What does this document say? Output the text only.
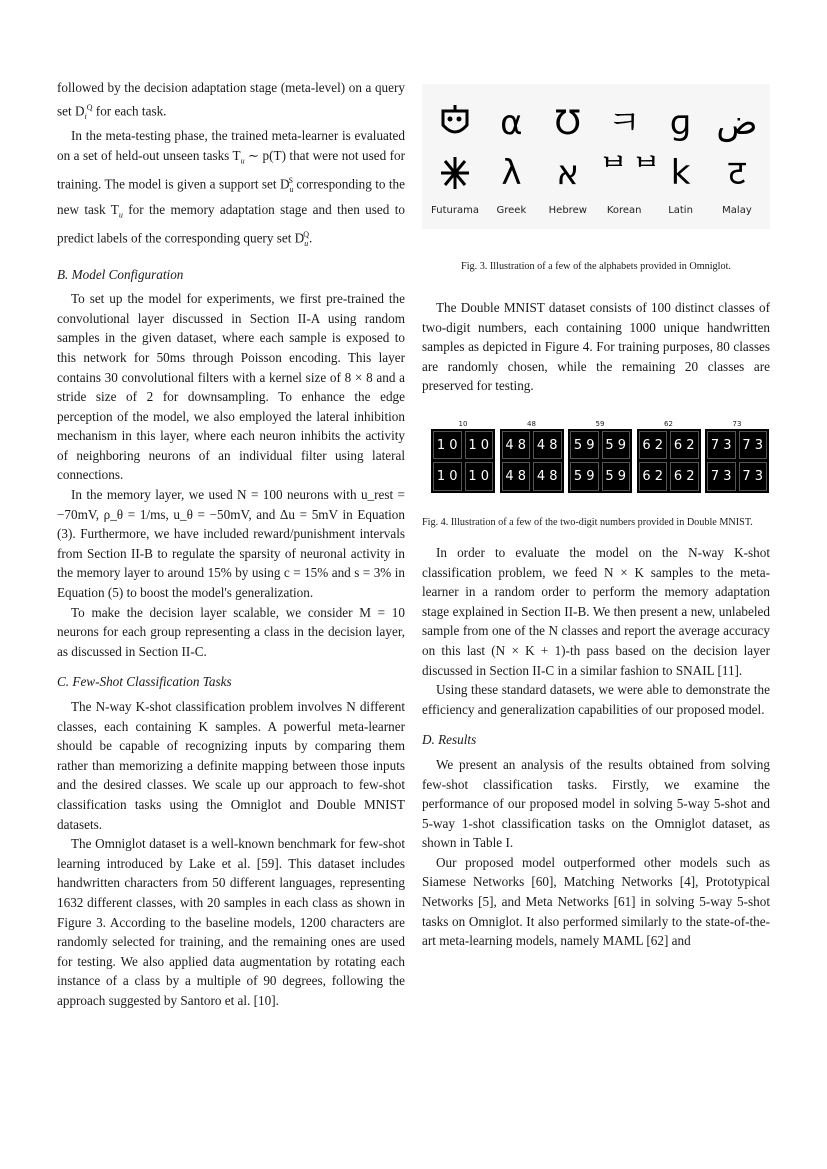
followed by the decision adaptation stage (meta-level) on a query set $D_i^Q$ for each task.

In the meta-testing phase, the trained meta-learner is evaluated on a set of held-out unseen tasks $T_u$ ∼ p(T) that were not used for training. The model is given a support set $D_u^S$ corresponding to the new task $T_u$ for the memory adaptation stage and then used to predict labels of the corresponding query set $D_u^Q$.

B. Model Configuration

To set up the model for experiments, we first pre-trained the convolutional layer discussed in Section II-A using random samples in the given dataset, where each sample is exposed to this network for 50ms through Poisson encoding. This layer contains 30 convolutional filters with a kernel size of 8 × 8 and a stride size of 2 for downsampling. To enhance the edge perception of the model, we also employed the lateral inhibition mechanism in this layer, where each neuron inhibits the activity of neighboring neurons of an individual filter using lateral connections.

In the memory layer, we used N = 100 neurons with u_rest = −70mV, ρ_θ = 1/ms, u_θ = −50mV, and Δu = 5mV in Equation (3). Furthermore, we have included reward/punishment intervals from Section II-B to regulate the sparsity of neuronal activity in the memory layer to around 15% by using c = 15% and s = 3% in Equation (5) to boost the model's generalization.

To make the decision layer scalable, we consider M = 10 neurons for each group representing a class in the decision layer, as discussed in Section II-C.

C. Few-Shot Classification Tasks

The N-way K-shot classification problem involves N different classes, each containing K samples. A powerful meta-learner should be capable of recognizing inputs by comparing them rather than memorizing a definite mapping between those inputs and the desired classes. We scale up our approach to few-shot classification tasks using the Omniglot and Double MNIST datasets.

The Omniglot dataset is a well-known benchmark for few-shot learning introduced by Lake et al. [59]. This dataset includes handwritten characters from 50 different languages, representing 1632 different classes, with 20 samples in each class as shown in Figure 3. According to the baseline models, 1200 characters are randomly selected for training, and the remaining ones are used for testing. We also applied data augmentation by rotating each instance of a class by a multiple of 90 degrees, following the approach suggested by Santoro et al. [10].

α Ʊ ㅋ ɡ ض
λ	א ᄇᄇ k	ट
Futurama	Greek	Hebrew	Korean	Latin	Malay

Fig. 3. Illustration of a few of the alphabets provided in Omniglot.

The Double MNIST dataset consists of 100 distinct classes of two-digit numbers, each containing 1000 unique handwritten samples as depicted in Figure 4. For training purposes, 80 classes are randomly chosen, while the remaining 20 classes are preserved for testing.

10
1 0 1 0
1 0 1 0
48
4 8 4 8
4 8 4 8
59
5 9 5 9
5 9 5 9
62
6 2 6 2
6 2 6 2
73
7 3 7 3
7 3 7 3

Fig. 4. Illustration of a few of the two-digit numbers provided in Double MNIST.

In order to evaluate the model on the N-way K-shot classification problem, we feed N × K samples to the meta-learner in a random order to perform the memory adaptation stage explained in Section II-B. We then present a new, unlabeled sample from one of the N classes and report the average accuracy on this last (N × K + 1)-th pass based on the decision layer discussed in Section II-C in a similar fashion to SNAIL [11].

Using these standard datasets, we were able to demonstrate the efficiency and generalization capabilities of our proposed model.

D. Results

We present an analysis of the results obtained from solving few-shot classification tasks. Firstly, we examine the performance of our proposed model in solving 5-way 5-shot and 5-way 1-shot classification tasks on the Omniglot dataset, as shown in Table I.

Our proposed model outperformed other models such as Siamese Networks [60], Matching Networks [4], Prototypical Networks [5], and Meta Networks [61] in solving 5-way 5-shot tasks on Omniglot. It also performed similarly to the state-of-the-art meta-learning models, namely MAML [62] and
